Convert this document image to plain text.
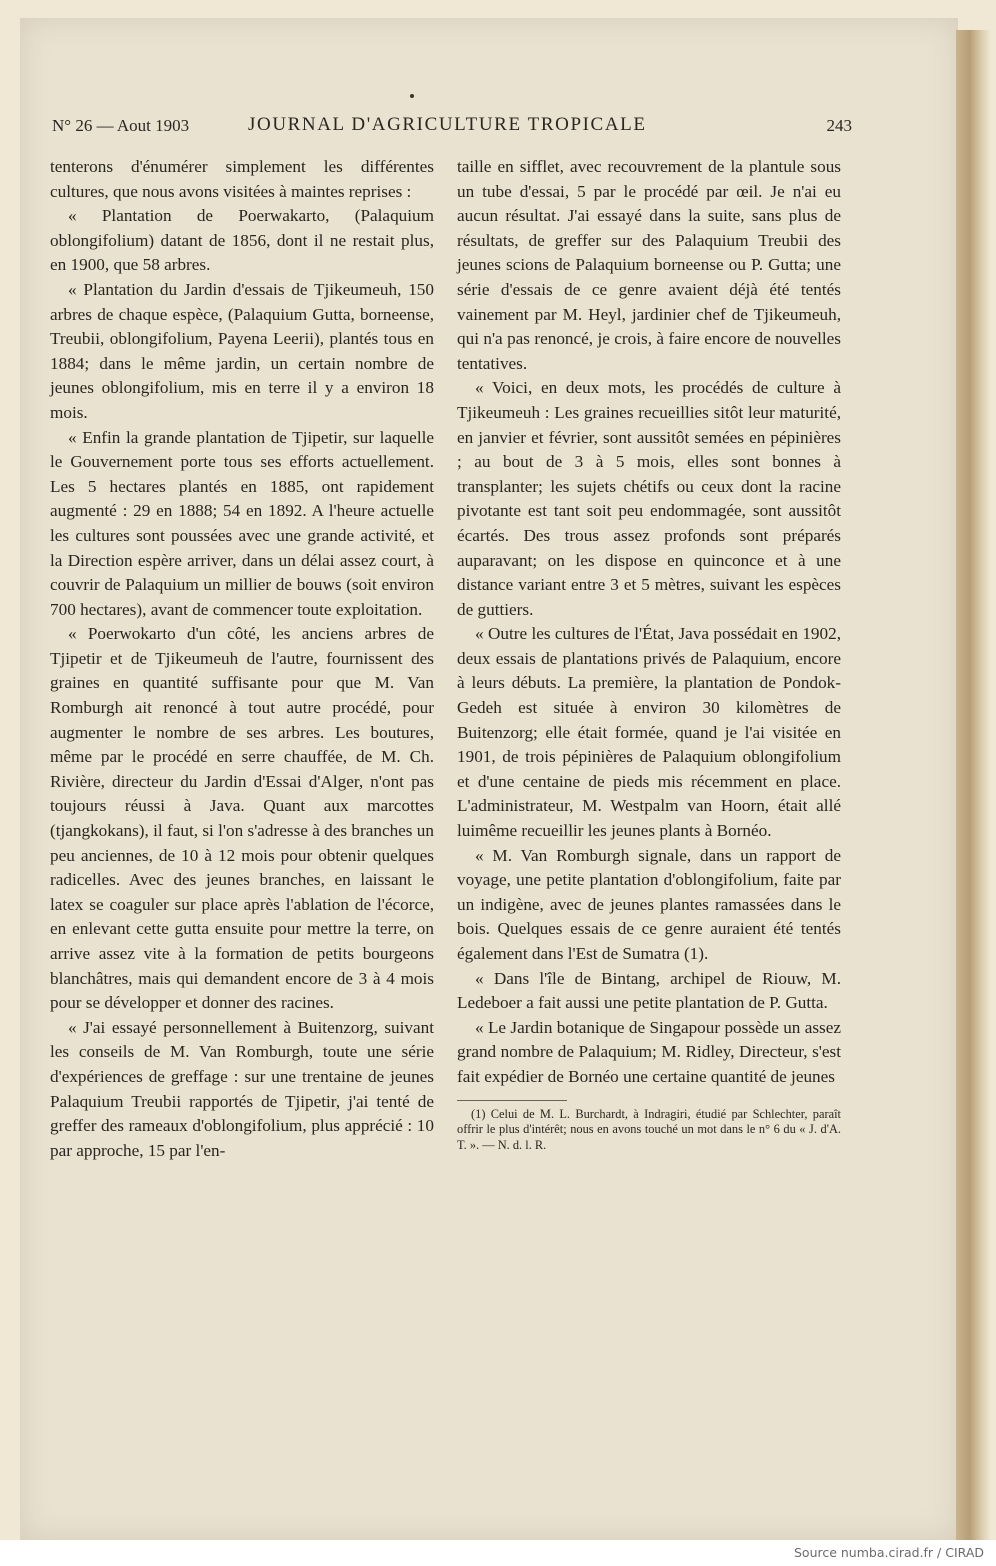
N° 26 — Aout 1903	JOURNAL D'AGRICULTURE TROPICALE	243

tenterons d'énumérer simplement les différentes cultures, que nous avons visitées à maintes reprises :

« Plantation de Poerwakarto, (Palaquium oblongifolium) datant de 1856, dont il ne restait plus, en 1900, que 58 arbres.

« Plantation du Jardin d'essais de Tjikeumeuh, 150 arbres de chaque espèce, (Palaquium Gutta, borneense, Treubii, oblongifolium, Payena Leerii), plantés tous en 1884; dans le même jardin, un certain nombre de jeunes oblongifolium, mis en terre il y a environ 18 mois.

« Enfin la grande plantation de Tjipetir, sur laquelle le Gouvernement porte tous ses efforts actuellement. Les 5 hectares plantés en 1885, ont rapidement augmenté : 29 en 1888; 54 en 1892. A l'heure actuelle les cultures sont poussées avec une grande activité, et la Direction espère arriver, dans un délai assez court, à couvrir de Palaquium un millier de bouws (soit environ 700 hectares), avant de commencer toute exploitation.

« Poerwokarto d'un côté, les anciens arbres de Tjipetir et de Tjikeumeuh de l'autre, fournissent des graines en quantité suffisante pour que M. Van Romburgh ait renoncé à tout autre procédé, pour augmenter le nombre de ses arbres. Les boutures, même par le procédé en serre chauffée, de M. Ch. Rivière, directeur du Jardin d'Essai d'Alger, n'ont pas toujours réussi à Java. Quant aux marcottes (tjangkokans), il faut, si l'on s'adresse à des branches un peu anciennes, de 10 à 12 mois pour obtenir quelques radicelles. Avec des jeunes branches, en laissant le latex se coaguler sur place après l'ablation de l'écorce, en enlevant cette gutta ensuite pour mettre la terre, on arrive assez vite à la formation de petits bourgeons blanchâtres, mais qui demandent encore de 3 à 4 mois pour se développer et donner des racines.

« J'ai essayé personnellement à Buitenzorg, suivant les conseils de M. Van Romburgh, toute une série d'expériences de greffage : sur une trentaine de jeunes Palaquium Treubii rapportés de Tjipetir, j'ai tenté de greffer des rameaux d'oblongifolium, plus apprécié : 10 par approche, 15 par l'en-

taille en sifflet, avec recouvrement de la plantule sous un tube d'essai, 5 par le procédé par œil. Je n'ai eu aucun résultat. J'ai essayé dans la suite, sans plus de résultats, de greffer sur des Palaquium Treubii des jeunes scions de Palaquium borneense ou P. Gutta; une série d'essais de ce genre avaient déjà été tentés vainement par M. Heyl, jardinier chef de Tjikeumeuh, qui n'a pas renoncé, je crois, à faire encore de nouvelles tentatives.

« Voici, en deux mots, les procédés de culture à Tjikeumeuh : Les graines recueillies sitôt leur maturité, en janvier et février, sont aussitôt semées en pépinières ; au bout de 3 à 5 mois, elles sont bonnes à transplanter; les sujets chétifs ou ceux dont la racine pivotante est tant soit peu endommagée, sont aussitôt écartés. Des trous assez profonds sont préparés auparavant; on les dispose en quinconce et à une distance variant entre 3 et 5 mètres, suivant les espèces de guttiers.

« Outre les cultures de l'État, Java possédait en 1902, deux essais de plantations privés de Palaquium, encore à leurs débuts. La première, la plantation de Pondok-Gedeh est située à environ 30 kilomètres de Buitenzorg; elle était formée, quand je l'ai visitée en 1901, de trois pépinières de Palaquium oblongifolium et d'une centaine de pieds mis récemment en place. L'administrateur, M. Westpalm van Hoorn, était allé luimême recueillir les jeunes plants à Bornéo.

« M. Van Romburgh signale, dans un rapport de voyage, une petite plantation d'oblongifolium, faite par un indigène, avec de jeunes plantes ramassées dans le bois. Quelques essais de ce genre auraient été tentés également dans l'Est de Sumatra (1).

« Dans l'île de Bintang, archipel de Riouw, M. Ledeboer a fait aussi une petite plantation de P. Gutta.

« Le Jardin botanique de Singapour possède un assez grand nombre de Palaquium; M. Ridley, Directeur, s'est fait expédier de Bornéo une certaine quantité de jeunes

(1) Celui de M. L. Burchardt, à Indragiri, étudié par Schlechter, paraît offrir le plus d'intérêt; nous en avons touché un mot dans le n° 6 du « J. d'A. T. ». — N. d. l. R.

Source numba.cirad.fr / CIRAD
